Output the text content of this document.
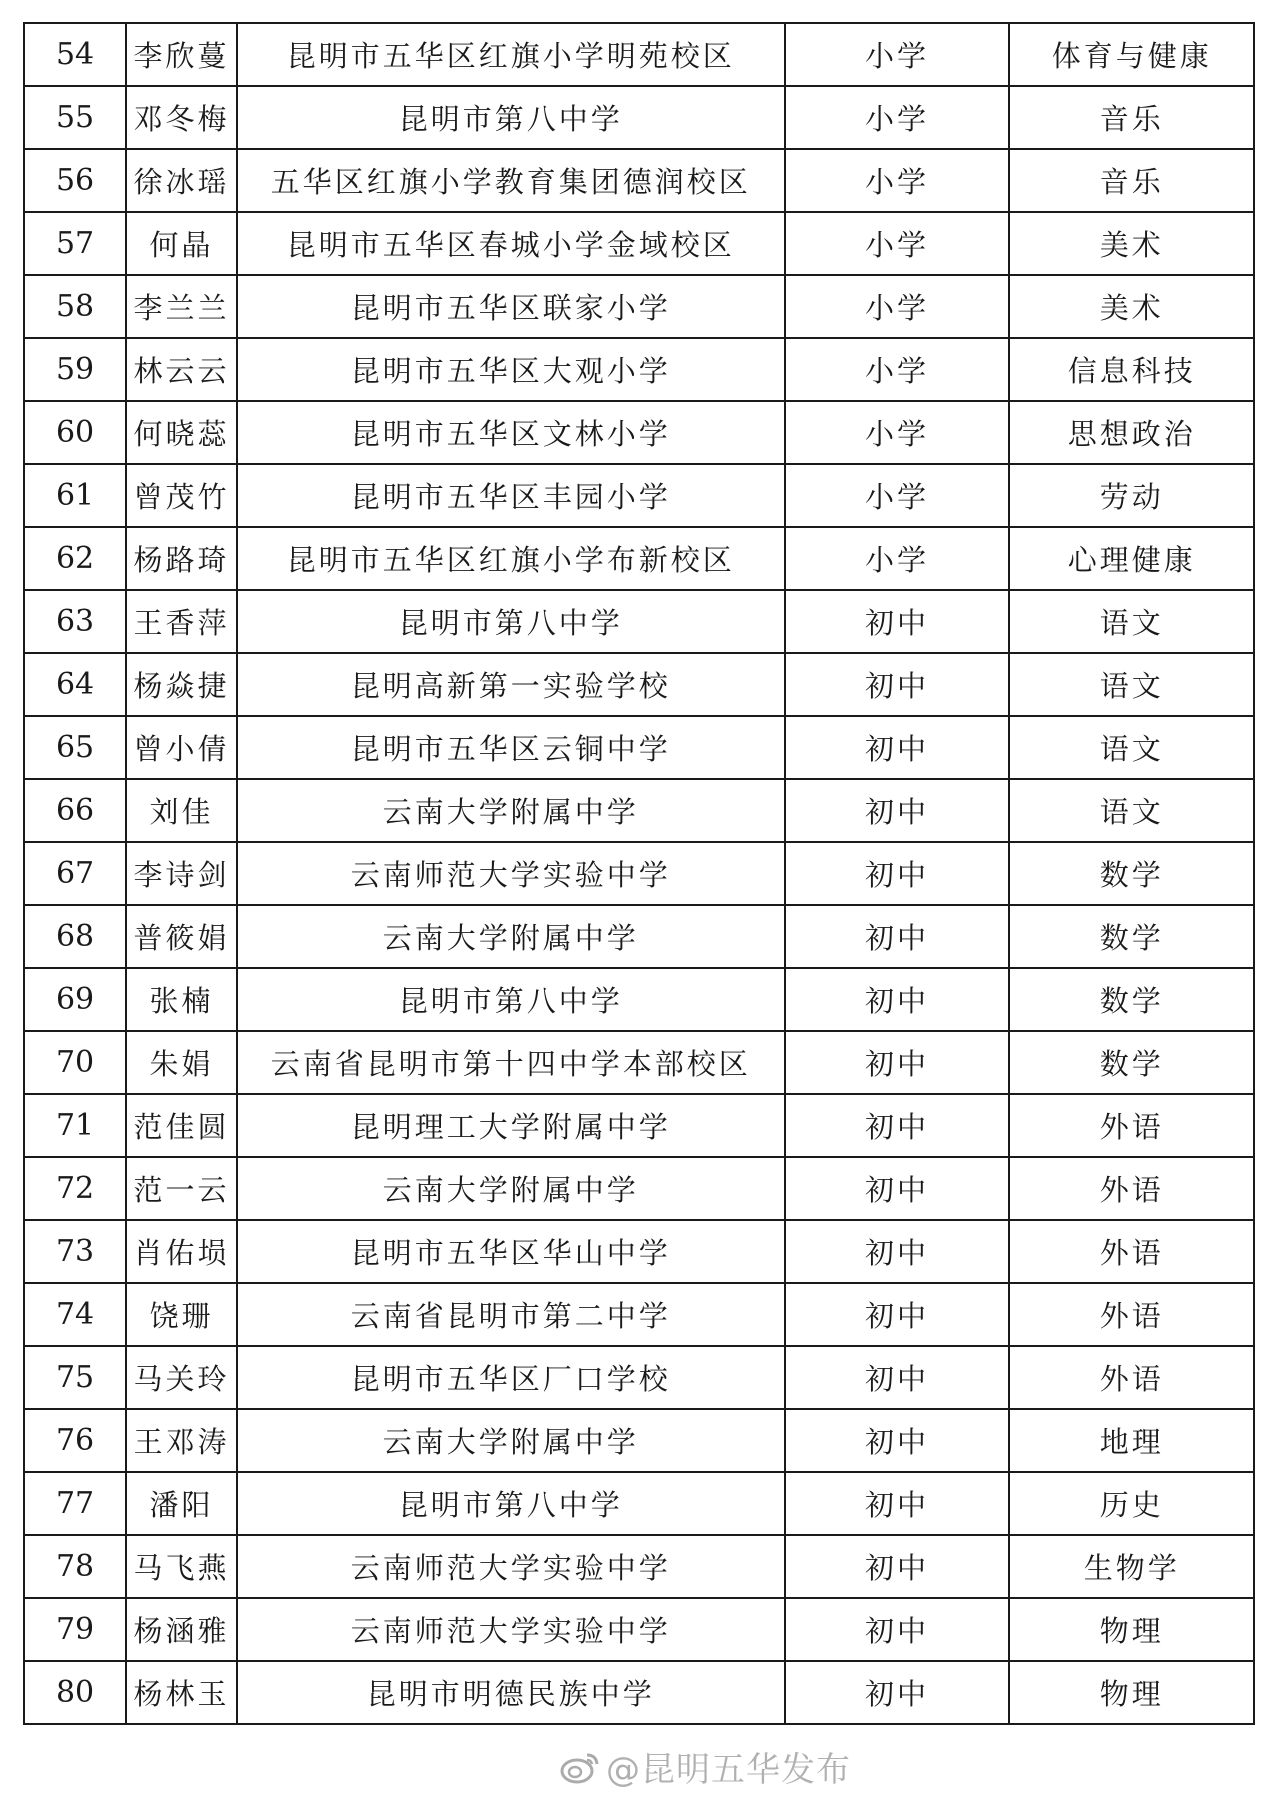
54	李欣蔓	昆明市五华区红旗小学明苑校区	小学	体育与健康
55	邓冬梅	昆明市第八中学	小学	音乐
56	徐冰瑶	五华区红旗小学教育集团德润校区	小学	音乐
57	何晶	昆明市五华区春城小学金域校区	小学	美术
58	李兰兰	昆明市五华区联家小学	小学	美术
59	林云云	昆明市五华区大观小学	小学	信息科技
60	何晓蕊	昆明市五华区文林小学	小学	思想政治
61	曾茂竹	昆明市五华区丰园小学	小学	劳动
62	杨路琦	昆明市五华区红旗小学布新校区	小学	心理健康
63	王香萍	昆明市第八中学	初中	语文
64	杨焱捷	昆明高新第一实验学校	初中	语文
65	曾小倩	昆明市五华区云铜中学	初中	语文
66	刘佳	云南大学附属中学	初中	语文
67	李诗剑	云南师范大学实验中学	初中	数学
68	普筱娟	云南大学附属中学	初中	数学
69	张楠	昆明市第八中学	初中	数学
70	朱娟	云南省昆明市第十四中学本部校区	初中	数学
71	范佳圆	昆明理工大学附属中学	初中	外语
72	范一云	云南大学附属中学	初中	外语
73	肖佑埙	昆明市五华区华山中学	初中	外语
74	饶珊	云南省昆明市第二中学	初中	外语
75	马关玲	昆明市五华区厂口学校	初中	外语
76	王邓涛	云南大学附属中学	初中	地理
77	潘阳	昆明市第八中学	初中	历史
78	马飞燕	云南师范大学实验中学	初中	生物学
79	杨涵雅	云南师范大学实验中学	初中	物理
80	杨林玉	昆明市明德民族中学	初中	物理
@昆明五华发布
